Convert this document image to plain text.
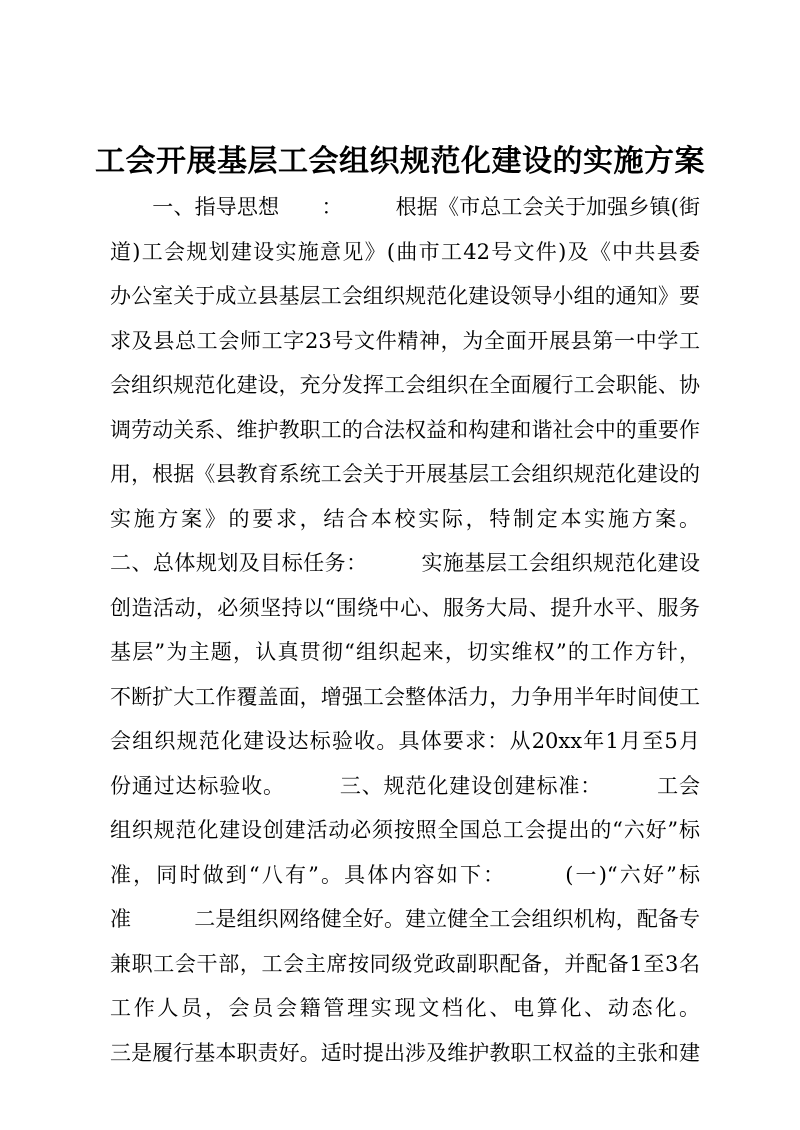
工会开展基层工会组织规范化建设的实施方案
　　一、指导思想　　：　　　根据《市总工会关于加强乡镇(街
道)工会规划建设实施意见》(曲市工42号文件)及《中共县委
办公室关于成立县基层工会组织规范化建设领导小组的通知》要
求及县总工会师工字23号文件精神，为全面开展县第一中学工
会组织规范化建设，充分发挥工会组织在全面履行工会职能、协
调劳动关系、维护教职工的合法权益和构建和谐社会中的重要作
用，根据《县教育系统工会关于开展基层工会组织规范化建设的
实施方案》的要求，结合本校实际，特制定本实施方案。
二、总体规划及目标任务：　　　实施基层工会组织规范化建设
创造活动，必须坚持以“围绕中心、服务大局、提升水平、服务
基层”为主题，认真贯彻“组织起来，切实维权”的工作方针，
不断扩大工作覆盖面，增强工会整体活力，力争用半年时间使工
会组织规范化建设达标验收。具体要求：从20xx年1月至5月
份通过达标验收。　　　三、规范化建设创建标准：　　　工会
组织规范化建设创建活动必须按照全国总工会提出的“六好”标
准，同时做到“八有”。具体内容如下：　　　(一)“六好”标
准　　　二是组织网络健全好。建立健全工会组织机构，配备专
兼职工会干部，工会主席按同级党政副职配备，并配备1至3名
工作人员，会员会籍管理实现文档化、电算化、动态化。
三是履行基本职责好。适时提出涉及维护教职工权益的主张和建
